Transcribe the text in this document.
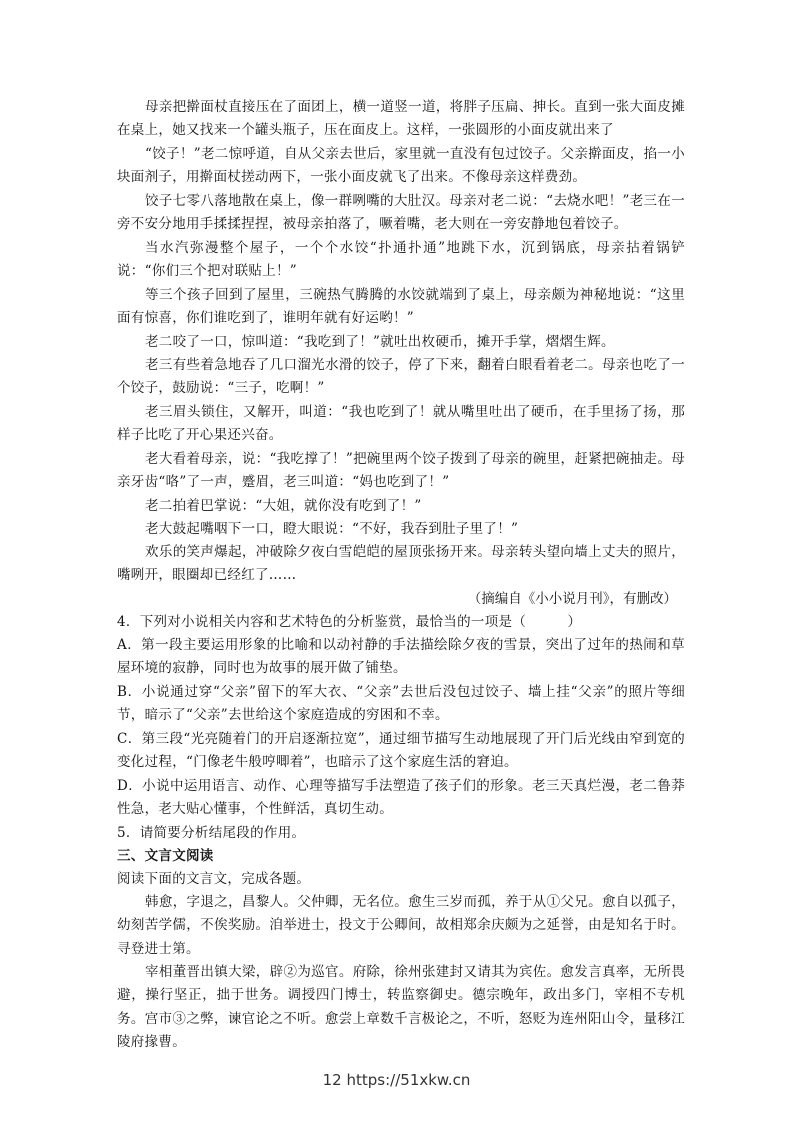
母亲把擀面杖直接压在了面团上，横一道竖一道，将胖子压扁、抻长。直到一张大面皮摊在桌上，她又找来一个罐头瓶子，压在面皮上。这样，一张圆形的小面皮就出来了

“饺子！”老二惊呼道，自从父亲去世后，家里就一直没有包过饺子。父亲擀面皮，掐一小块面剂子，用擀面杖搓动两下，一张小面皮就飞了出来。不像母亲这样费劲。

饺子七零八落地散在桌上，像一群咧嘴的大肚汉。母亲对老二说：“去烧水吧！”老三在一旁不安分地用手揉揉捏捏，被母亲拍落了，噘着嘴，老大则在一旁安静地包着饺子。

当水汽弥漫整个屋子，一个个水饺“扑通扑通”地跳下水，沉到锅底，母亲拈着锅铲说：“你们三个把对联贴上！”

等三个孩子回到了屋里，三碗热气腾腾的水饺就端到了桌上，母亲颇为神秘地说：“这里面有惊喜，你们谁吃到了，谁明年就有好运哟！”

老二咬了一口，惊叫道：“我吃到了！”就吐出枚硬币，摊开手掌，熠熠生辉。

老三有些着急地吞了几口溜光水滑的饺子，停了下来，翻着白眼看着老二。母亲也吃了一个饺子，鼓励说：“三子，吃啊！”

老三眉头锁住，又解开，叫道：“我也吃到了！就从嘴里吐出了硬币，在手里扬了扬，那样子比吃了开心果还兴奋。

老大看着母亲，说：“我吃撑了！”把碗里两个饺子拨到了母亲的碗里，赶紧把碗抽走。母亲牙齿“咯”了一声，蹙眉，老三叫道：“妈也吃到了！”

老二拍着巴掌说：“大姐，就你没有吃到了！”

老大鼓起嘴咽下一口，瞪大眼说：“不好，我吞到肚子里了！”

欢乐的笑声爆起，冲破除夕夜白雪皑皑的屋顶张扬开来。母亲转头望向墙上丈夫的照片，嘴咧开，眼圈却已经红了……

（摘编自《小小说月刊》，有删改）

4．下列对小说相关内容和艺术特色的分析鉴赏，最恰当的一项是（　　　）

A．第一段主要运用形象的比喻和以动衬静的手法描绘除夕夜的雪景，突出了过年的热闹和草屋环境的寂静，同时也为故事的展开做了铺垫。

B．小说通过穿“父亲”留下的军大衣、“父亲”去世后没包过饺子、墙上挂“父亲”的照片等细节，暗示了“父亲”去世给这个家庭造成的穷困和不幸。

C．第三段“光亮随着门的开启逐渐拉宽”，通过细节描写生动地展现了开门后光线由窄到宽的变化过程，“门像老牛般哼唧着”，也暗示了这个家庭生活的窘迫。

D．小说中运用语言、动作、心理等描写手法塑造了孩子们的形象。老三天真烂漫，老二鲁莽性急，老大贴心懂事，个性鲜活，真切生动。

5．请简要分析结尾段的作用。

三、文言文阅读

阅读下面的文言文，完成各题。

韩愈，字退之，昌黎人。父仲卿，无名位。愈生三岁而孤，养于从①父兄。愈自以孤子，幼刻苦学儒，不俟奖励。洎举进士，投文于公卿间，故相郑余庆颇为之延誉，由是知名于时。寻登进士第。

宰相董晋出镇大梁，辟②为巡官。府除，徐州张建封又请其为宾佐。愈发言真率，无所畏避，操行坚正，拙于世务。调授四门博士，转监察御史。德宗晚年，政出多门，宰相不专机务。宫市③之弊，谏官论之不听。愈尝上章数千言极论之，不听，怒贬为连州阳山令，量移江陵府掾曹。

12 https://51xkw.cn
